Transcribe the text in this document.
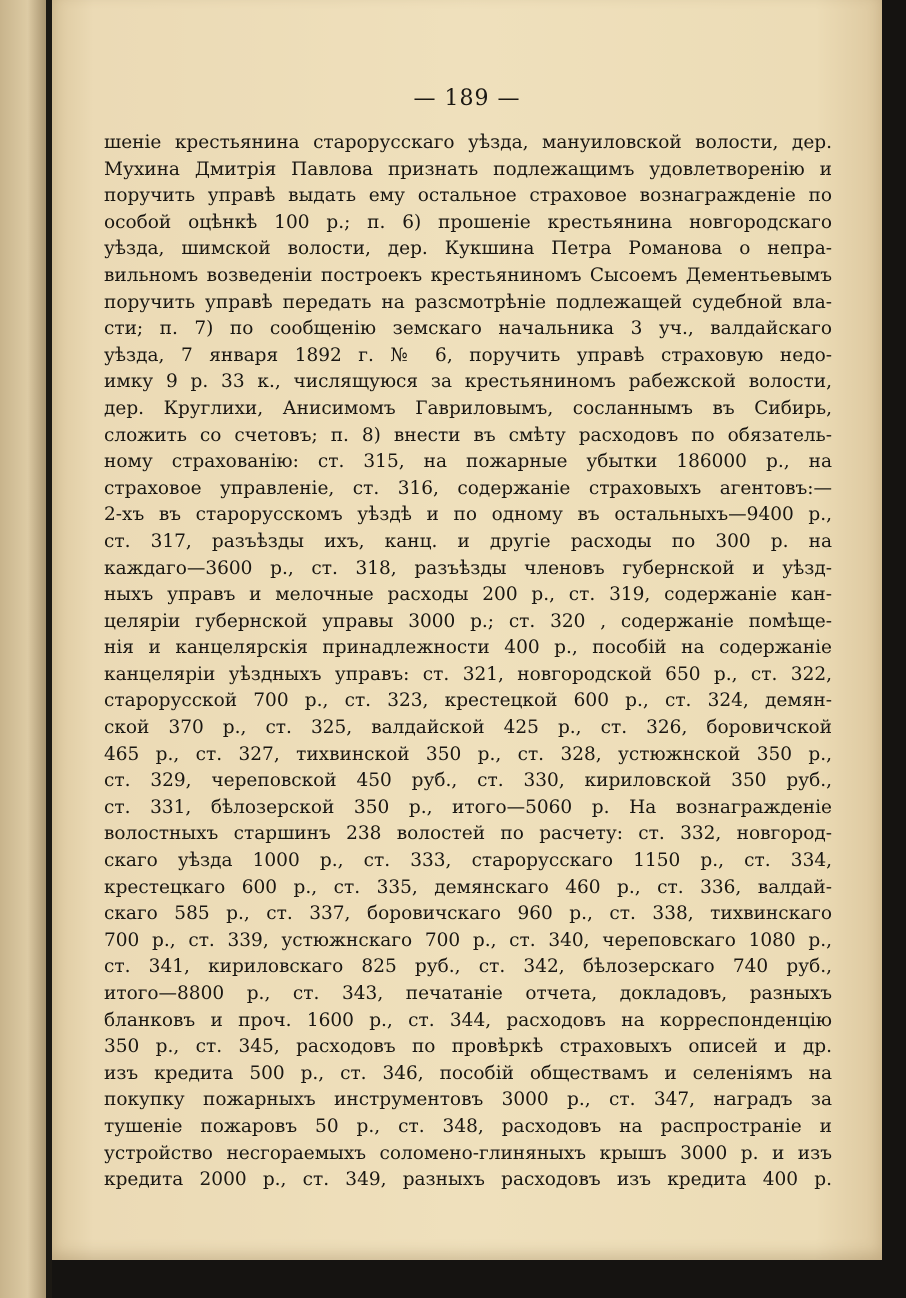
— 189 —

шеніе крестьянина старорусскаго уѣзда, мануиловской волости, дер.
Мухина Дмитрія Павлова признать подлежащимъ удовлетворенію и
поручить управѣ выдать ему остальное страховое вознагражденіе по
особой оцѣнкѣ 100 р.; п. 6) прошеніе крестьянина новгородскаго
уѣзда, шимской волости, дер. Кукшина Петра Романова о непра-
вильномъ возведеніи построекъ крестьяниномъ Сысоемъ Дементьевымъ
поручить управѣ передать на разсмотрѣніе подлежащей судебной вла-
сти; п. 7) по сообщенію земскаго начальника 3 уч., валдайскаго
уѣзда, 7 января 1892 г. № 6, поручить управѣ страховую недо-
имку 9 р. 33 к., числящуюся за крестьяниномъ рабежской волости,
дер. Круглихи, Анисимомъ Гавриловымъ, сосланнымъ въ Сибирь,
сложить со счетовъ; п. 8) внести въ смѣту расходовъ по обязатель-
ному страхованію: ст. 315, на пожарные убытки 186000 р., на
страховое управленіе, ст. 316, содержаніе страховыхъ агентовъ:—
2-хъ въ старорусскомъ уѣздѣ и по одному въ остальныхъ—9400 р.,
ст. 317, разъѣзды ихъ, канц. и другіе расходы по 300 р. на
каждаго—3600 р., ст. 318, разъѣзды членовъ губернской и уѣзд-
ныхъ управъ и мелочные расходы 200 р., ст. 319, содержаніе кан-
целяріи губернской управы 3000 р.; ст. 320 , содержаніе помѣще-
нія и канцелярскія принадлежности 400 р., пособій на содержаніе
канцеляріи уѣздныхъ управъ: ст. 321, новгородской 650 р., ст. 322,
старорусской 700 р., ст. 323, крестецкой 600 р., ст. 324, демян-
ской 370 р., ст. 325, валдайской 425 р., ст. 326, боровичской
465 р., ст. 327, тихвинской 350 р., ст. 328, устюжнской 350 р.,
ст. 329, череповской 450 руб., ст. 330, кириловской 350 руб.,
ст. 331, бѣлозерской 350 р., итого—5060 р. На вознагражденіе
волостныхъ старшинъ 238 волостей по расчету: ст. 332, новгород-
скаго уѣзда 1000 р., ст. 333, старорусскаго 1150 р., ст. 334,
крестецкаго 600 р., ст. 335, демянскаго 460 р., ст. 336, валдай-
скаго 585 р., ст. 337, боровичскаго 960 р., ст. 338, тихвинскаго
700 р., ст. 339, устюжнскаго 700 р., ст. 340, череповскаго 1080 р.,
ст. 341, кириловскаго 825 руб., ст. 342, бѣлозерскаго 740 руб.,
итого—8800 р., ст. 343, печатаніе отчета, докладовъ, разныхъ
бланковъ и проч. 1600 р., ст. 344, расходовъ на корреспонденцію
350 р., ст. 345, расходовъ по провѣркѣ страховыхъ описей и др.
изъ кредита 500 р., ст. 346, пособій обществамъ и селеніямъ на
покупку пожарныхъ инструментовъ 3000 р., ст. 347, наградъ за
тушеніе пожаровъ 50 р., ст. 348, расходовъ на распространіе и
устройство несгораемыхъ соломено-глиняныхъ крышъ 3000 р. и изъ
кредита 2000 р., ст. 349, разныхъ расходовъ изъ кредита 400 р.
